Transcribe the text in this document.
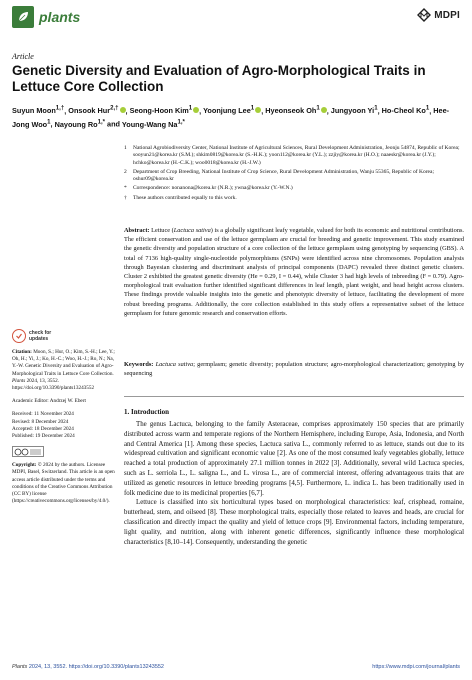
plants	MDPI
Article
Genetic Diversity and Evaluation of Agro-Morphological Traits in Lettuce Core Collection
Suyun Moon$^{1,\dagger}$, Onsook Hur$^{2,\dagger}$ , Seong-Hoon Kim$^1$ , Yoonjung Lee$^1$ , Hyeonseok Oh$^1$ , Jungyoon Yi$^1$, Ho-Cheol Ko$^1$, Hee-Jong Woo$^1$, Nayoung $Ro^{1,*}$ and Young-Wang $Na^{1,*}$
1	National Agrobiodiversity Center, National Institute of Agricultural Sciences, Rural Development Administration, Jeonju 54874, Republic of Korea; sooyun21@korea.kr (S.M.); shkim0819@korea.kr (S.-H.K.); yoon112@korea.kr (Y.L.); zzjiy@korea.kr (H.O.); naaeskr@korea.kr (J.Y.); hchko@korea.kr (H.-C.K.); woo0018@korea.kr (H.-J.W.)
2	Department of Crop Breeding, National Institute of Crop Science, Rural Development Administration, Wanju 55365, Republic of Korea; oshur09@korea.kr
*	Correspondence: nonanona@korea.kr (N.R.); ywna@korea.kr (Y.-W.N.)
†	These authors contributed equally to this work.
Abstract: Lettuce (Lactuca sativa) is a globally significant leafy vegetable, valued for both its economic and nutritional contributions. The efficient conservation and use of the lettuce germplasm are crucial for breeding and genetic improvement. This study examined the genetic diversity and population structure of a core collection of the lettuce germplasm using genotyping by sequencing (GBS). A total of 7136 high-quality single-nucleotide polymorphisms (SNPs) were identified across nine chromosomes. Population analysis through Bayesian clustering and discriminant analysis of principal components (DAPC) revealed three distinct genetic clusters. Cluster 2 exhibited the greatest genetic diversity (He = 0.29, I = 0.44), while Cluster 3 had high levels of inbreeding (F = 0.79). Agro-morphological trait evaluation further identified significant differences in leaf length, plant weight, and head height across clusters. These findings provide valuable insights into the genetic and phenotypic diversity of lettuce, facilitating the development of more robust breeding programs. Additionally, the core collection established in this study offers a representative subset of the lettuce germplasm for future genomic research and conservation efforts.
Keywords: Lactuca sativa; germplasm; genetic diversity; population structure; agro-morphological characterization; genotyping by sequencing
check for
updates
Citation: Moon, S.; Hur, O.; Kim, S.-H.; Lee, Y.; Oh, H.; Yi, J.; Ko, H.-C.; Woo, H.-J.; Ro, N.; Na, Y.-W. Genetic Diversity and Evaluation of Agro-Morphological Traits in Lettuce Core Collection. Plants 2024, 13, 3552. https://doi.org/10.3390/plants13243552
Academic Editor: Andrzej W. Ebert
Received: 11 November 2024
Revised: 8 December 2024
Accepted: 18 December 2024
Published: 19 December 2024
Copyright: © 2024 by the authors. Licensee MDPI, Basel, Switzerland. This article is an open access article distributed under the terms and conditions of the Creative Commons Attribution (CC BY) license (https://creativecommons.org/licenses/by/4.0/).
1. Introduction

The genus Lactuca, belonging to the family Asteraceae, comprises approximately 150 species that are primarily distributed across warm and temperate regions of the Northern Hemisphere, including Europe, Asia, Indonesia, and North and Central America [1]. Among these species, Lactuca sativa L., commonly referred to as lettuce, stands out due to its widespread cultivation and significant economic value [2]. As one of the most consumed leafy vegetables globally, lettuce reached a total production of approximately 27.1 million tonnes in 2022 [3]. Additionally, several wild Lactuca species, such as L. serriola L., L. saligna L., and L. virosa L., are of commercial interest, offering advantageous traits that are utilized as genetic resources in lettuce breeding programs [4,5]. Furthermore, L. indica L. has been traditionally used in folk medicine due to its medicinal properties [6,7].

Lettuce is classified into six horticultural types based on morphological characteristics: leaf, crisphead, romaine, butterhead, stem, and oilseed [8]. These morphological traits, especially those related to leaves and heads, are crucial for classification and directly impact the quality and yield of lettuce crops [9]. Environmental factors, including temperature, light quality, and nutrition, along with inherent genetic differences, significantly influence these morphological characteristics [8,10–14]. Consequently, understanding the genetic

Plants 2024, 13, 3552. https://doi.org/10.3390/plants13243552	https://www.mdpi.com/journal/plants
